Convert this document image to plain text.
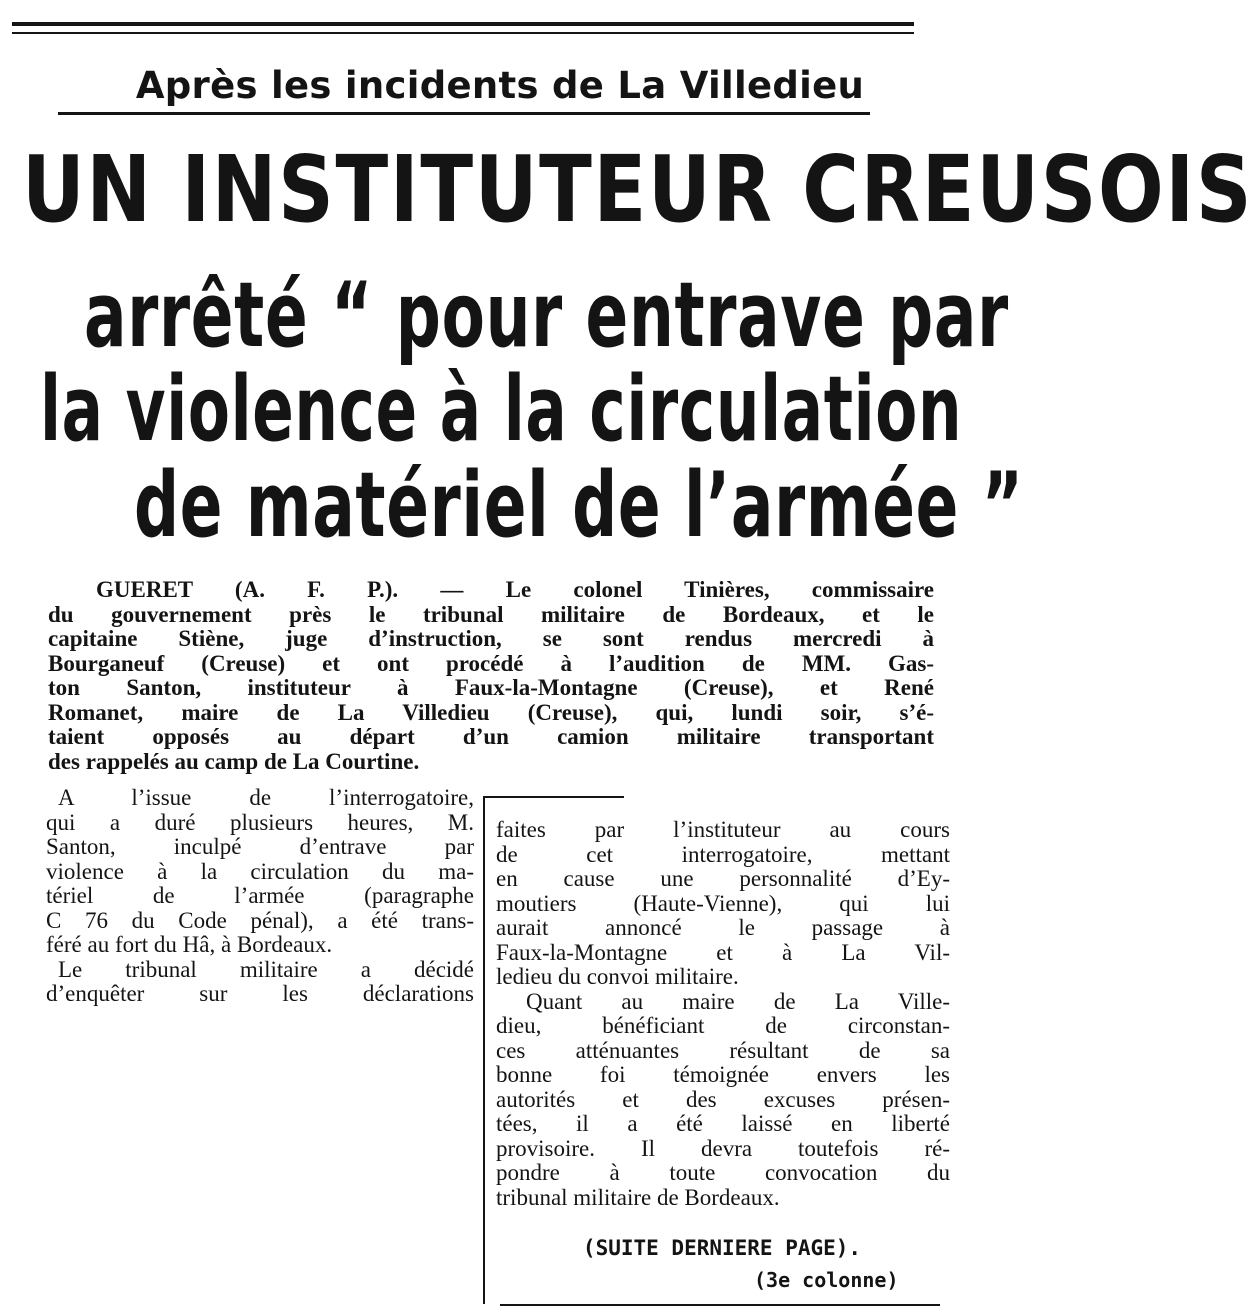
Après les incidents de La Villedieu
UN INSTITUTEUR CREUSOIS
arrêté “ pour entrave par
la violence à la circulation
de matériel de l’armée ”
GUERET (A. F. P.). — Le colonel Tinières, commissaire
du gouvernement près le tribunal militaire de Bordeaux, et le
capitaine Stiène, juge d’instruction, se sont rendus mercredi à
Bourganeuf (Creuse) et ont procédé à l’audition de MM. Gas-
ton Santon, instituteur à Faux-la-Montagne (Creuse), et René
Romanet, maire de La Villedieu (Creuse), qui, lundi soir, s’é-
taient opposés au départ d’un camion militaire transportant
des rappelés au camp de La Courtine.
A l’issue de l’interrogatoire,
qui a duré plusieurs heures, M.
Santon, inculpé d’entrave par
violence à la circulation du ma-
tériel de l’armée (paragraphe
C 76 du Code pénal), a été trans-
féré au fort du Hâ, à Bordeaux.
Le tribunal militaire a décidé
d’enquêter sur les déclarations
faites par l’instituteur au cours
de cet interrogatoire, mettant
en cause une personnalité d’Ey-
moutiers (Haute-Vienne), qui lui
aurait annoncé le passage à
Faux-la-Montagne et à La Vil-
ledieu du convoi militaire.
Quant au maire de La Ville-
dieu, bénéficiant de circonstan-
ces atténuantes résultant de sa
bonne foi témoignée envers les
autorités et des excuses présen-
tées, il a été laissé en liberté
provisoire. Il devra toutefois ré-
pondre à toute convocation du
tribunal militaire de Bordeaux.

(SUITE DERNIERE PAGE).

(3e colonne)
